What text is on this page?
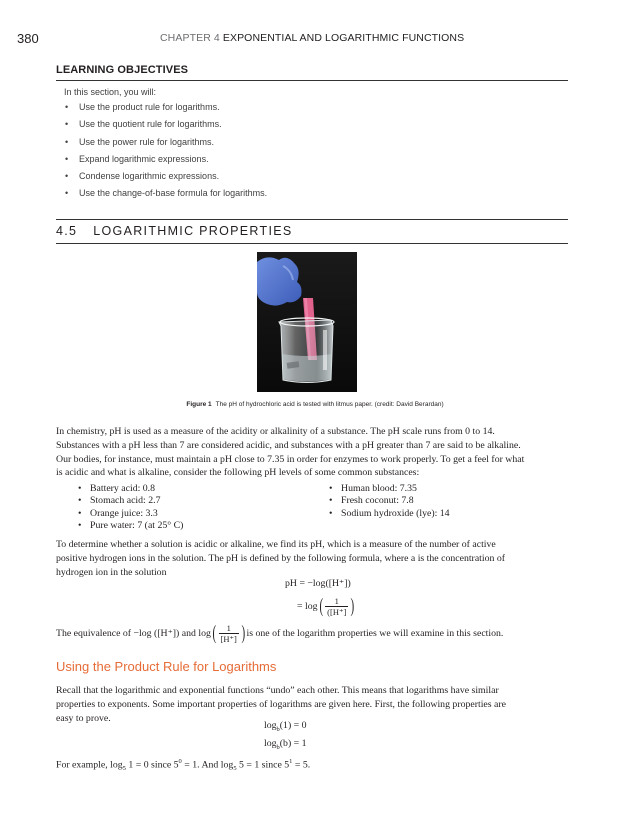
380	CHAPTER 4 EXPONENTIAL AND LOGARITHMIC FUNCTIONS
LEARNING OBJECTIVES
In this section, you will:
• Use the product rule for logarithms.
• Use the quotient rule for logarithms.
• Use the power rule for logarithms.
• Expand logarithmic expressions.
• Condense logarithmic expressions.
• Use the change-of-base formula for logarithms.
4.5 LOGARITHMIC PROPERTIES
Figure 1 The pH of hydrochloric acid is tested with litmus paper. (credit: David Berardan)

In chemistry, pH is used as a measure of the acidity or alkalinity of a substance. The pH scale runs from 0 to 14.
Substances with a pH less than 7 are considered acidic, and substances with a pH greater than 7 are said to be alkaline.
Our bodies, for instance, must maintain a pH close to 7.35 in order for enzymes to work properly. To get a feel for what
is acidic and what is alkaline, consider the following pH levels of some common substances:

• Battery acid: 0.8
• Stomach acid: 2.7
• Orange juice: 3.3
• Pure water: 7 (at 25° C)
• Human blood: 7.35
• Fresh coconut: 7.8
• Sodium hydroxide (lye): 14

To determine whether a solution is acidic or alkaline, we find its pH, which is a measure of the number of active
positive hydrogen ions in the solution. The pH is defined by the following formula, where a is the concentration of
hydrogen ion in the solution

pH = −log([H⁺])
= log ( $\frac{1}{([H^+]}$ )
The equivalence of −log ([H⁺]) and log ( $\frac{1}{[H^+]}$ ) is one of the logarithm properties we will examine in this section.
Using the Product Rule for Logarithms

Recall that the logarithmic and exponential functions “undo” each other. This means that logarithms have similar
properties to exponents. Some important properties of logarithms are given here. First, the following properties are
easy to prove.

$\log_b(1) = 0$
$\log_b(b) = 1$
For example, $\log_5 1 = 0$ since $5^0 = 1$. And $\log_5 5 = 1$ since $5^1 = 5$.
